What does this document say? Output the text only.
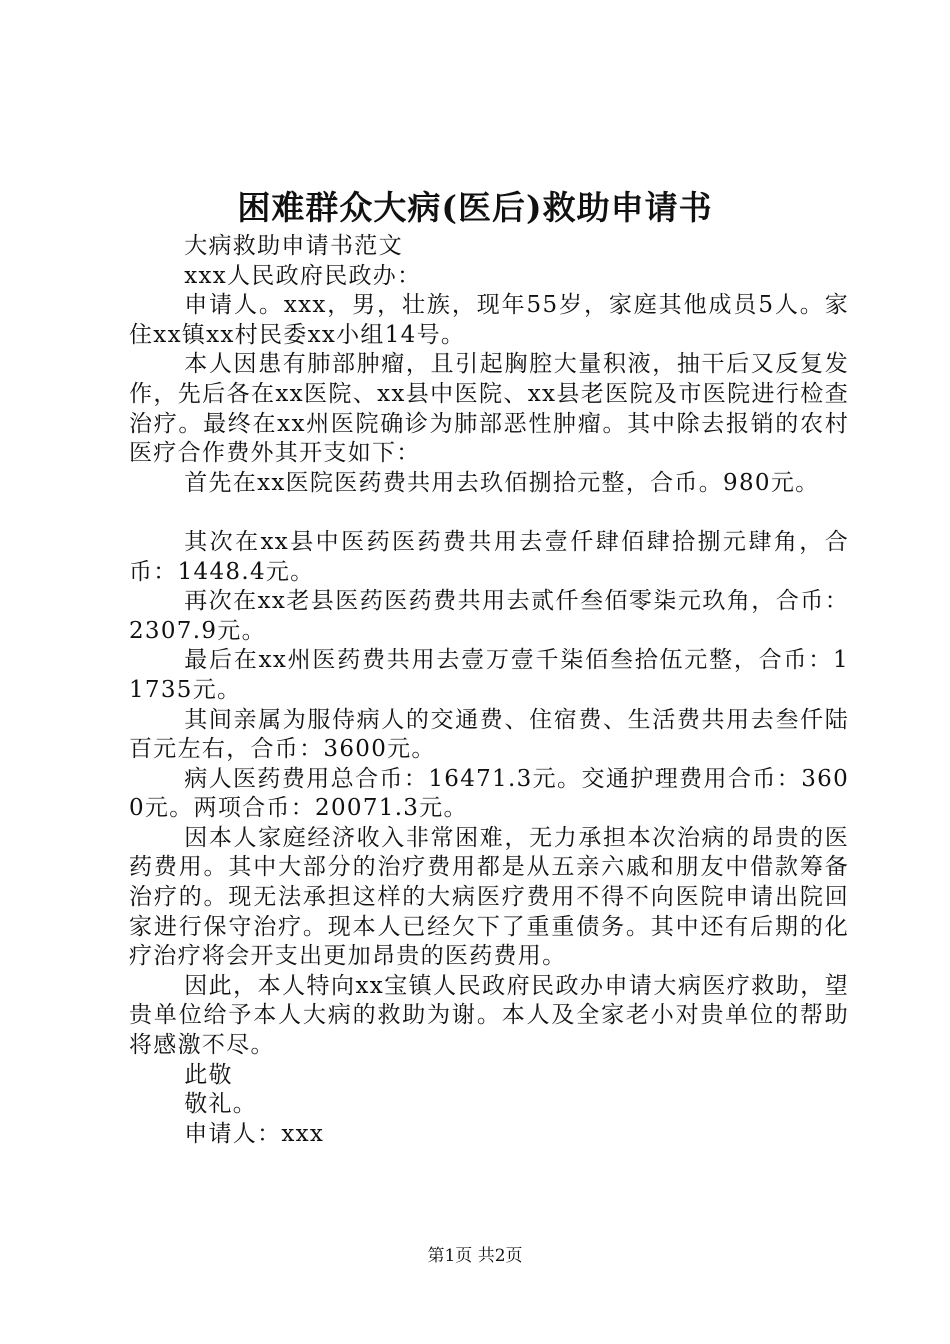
困难群众大病(医后)救助申请书

大病救助申请书范文

xxx人民政府民政办：

申请人。xxx，男，壮族，现年55岁，家庭其他成员5人。家住xx镇xx村民委xx小组14号。

本人因患有肺部肿瘤，且引起胸腔大量积液，抽干后又反复发作，先后各在xx医院、xx县中医院、xx县老医院及市医院进行检查治疗。最终在xx州医院确诊为肺部恶性肿瘤。其中除去报销的农村医疗合作费外其开支如下：

首先在xx医院医药费共用去玖佰捌拾元整，合币。980元。

其次在xx县中医药医药费共用去壹仟肆佰肆拾捌元肆角，合币：1448.4元。

再次在xx老县医药医药费共用去贰仟叁佰零柒元玖角，合币：2307.9元。

最后在xx州医药费共用去壹万壹千柒佰叁拾伍元整，合币：11735元。

其间亲属为服侍病人的交通费、住宿费、生活费共用去叁仟陆百元左右，合币：3600元。

病人医药费用总合币：16471.3元。交通护理费用合币：3600元。两项合币：20071.3元。

因本人家庭经济收入非常困难，无力承担本次治病的昂贵的医药费用。其中大部分的治疗费用都是从五亲六戚和朋友中借款筹备治疗的。现无法承担这样的大病医疗费用不得不向医院申请出院回家进行保守治疗。现本人已经欠下了重重债务。其中还有后期的化疗治疗将会开支出更加昂贵的医药费用。

因此，本人特向xx宝镇人民政府民政办申请大病医疗救助，望贵单位给予本人大病的救助为谢。本人及全家老小对贵单位的帮助将感激不尽。

此敬

敬礼。

申请人：xxx

第1页 共2页
